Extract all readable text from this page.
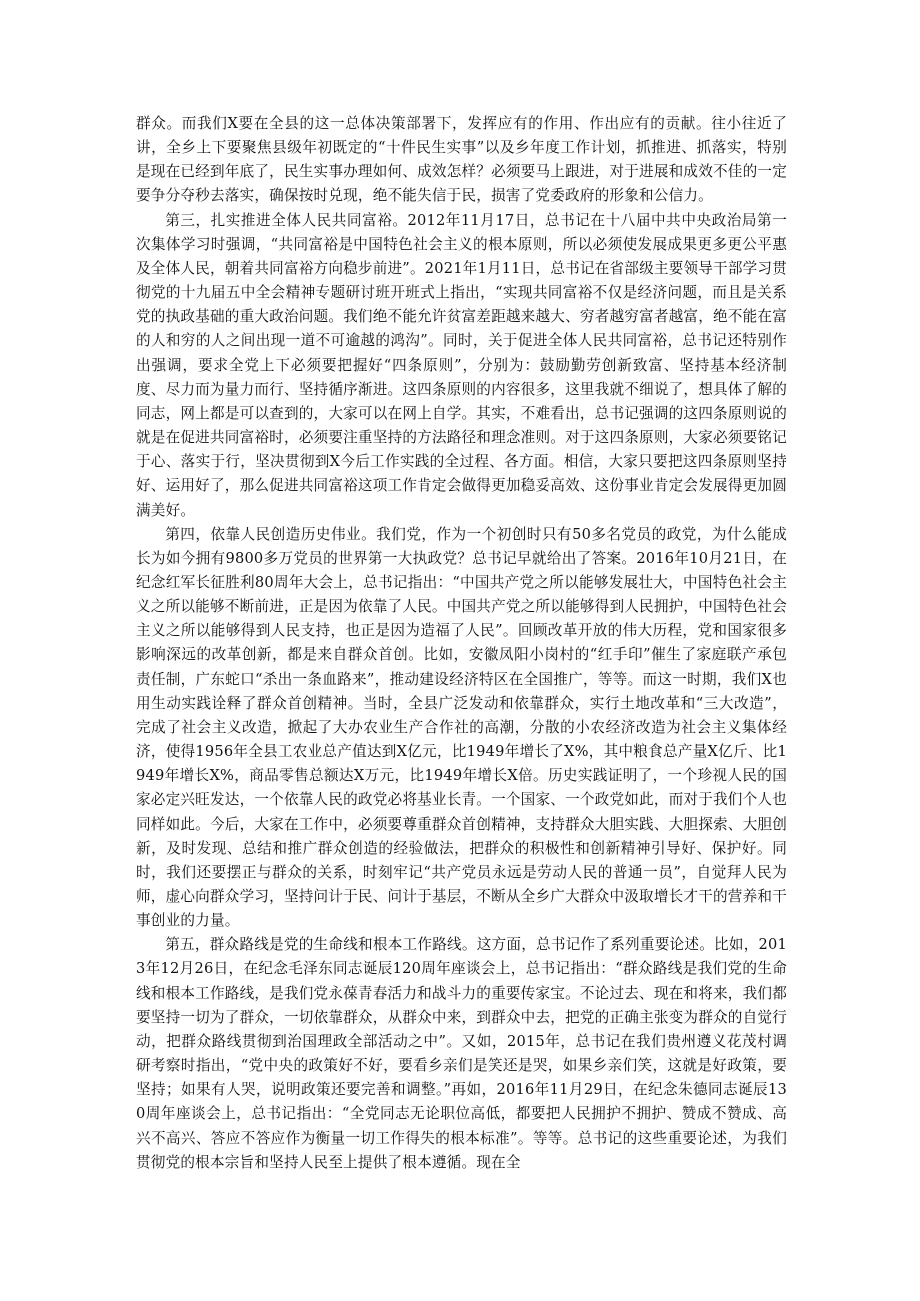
群众。而我们X要在全县的这一总体决策部署下，发挥应有的作用、作出应有的贡献。往小往近了讲，全乡上下要聚焦县级年初既定的“十件民生实事”以及乡年度工作计划，抓推进、抓落实，特别是现在已经到年底了，民生实事办理如何、成效怎样？必须要马上跟进，对于进展和成效不佳的一定要争分夺秒去落实，确保按时兑现，绝不能失信于民，损害了党委政府的形象和公信力。

第三，扎实推进全体人民共同富裕。2012年11月17日，总书记在十八届中共中央政治局第一次集体学习时强调，“共同富裕是中国特色社会主义的根本原则，所以必须使发展成果更多更公平惠及全体人民，朝着共同富裕方向稳步前进”。2021年1月11日，总书记在省部级主要领导干部学习贯彻党的十九届五中全会精神专题研讨班开班式上指出，“实现共同富裕不仅是经济问题，而且是关系党的执政基础的重大政治问题。我们绝不能允许贫富差距越来越大、穷者越穷富者越富，绝不能在富的人和穷的人之间出现一道不可逾越的鸿沟”。同时，关于促进全体人民共同富裕，总书记还特别作出强调，要求全党上下必须要把握好“四条原则”，分别为：鼓励勤劳创新致富、坚持基本经济制度、尽力而为量力而行、坚持循序渐进。这四条原则的内容很多，这里我就不细说了，想具体了解的同志，网上都是可以查到的，大家可以在网上自学。其实，不难看出，总书记强调的这四条原则说的就是在促进共同富裕时，必须要注重坚持的方法路径和理念准则。对于这四条原则，大家必须要铭记于心、落实于行，坚决贯彻到X今后工作实践的全过程、各方面。相信，大家只要把这四条原则坚持好、运用好了，那么促进共同富裕这项工作肯定会做得更加稳妥高效、这份事业肯定会发展得更加圆满美好。

第四，依靠人民创造历史伟业。我们党，作为一个初创时只有50多名党员的政党，为什么能成长为如今拥有9800多万党员的世界第一大执政党？总书记早就给出了答案。2016年10月21日，在纪念红军长征胜利80周年大会上，总书记指出：“中国共产党之所以能够发展壮大，中国特色社会主义之所以能够不断前进，正是因为依靠了人民。中国共产党之所以能够得到人民拥护，中国特色社会主义之所以能够得到人民支持，也正是因为造福了人民”。回顾改革开放的伟大历程，党和国家很多影响深远的改革创新，都是来自群众首创。比如，安徽凤阳小岗村的“红手印”催生了家庭联产承包责任制，广东蛇口“杀出一条血路来”，推动建设经济特区在全国推广，等等。而这一时期，我们X也用生动实践诠释了群众首创精神。当时，全县广泛发动和依靠群众，实行土地改革和“三大改造”，完成了社会主义改造，掀起了大办农业生产合作社的高潮，分散的小农经济改造为社会主义集体经济，使得1956年全县工农业总产值达到X亿元，比1949年增长了X%，其中粮食总产量X亿斤、比1949年增长X%，商品零售总额达X万元，比1949年增长X倍。历史实践证明了，一个珍视人民的国家必定兴旺发达，一个依靠人民的政党必将基业长青。一个国家、一个政党如此，而对于我们个人也同样如此。今后，大家在工作中，必须要尊重群众首创精神，支持群众大胆实践、大胆探索、大胆创新，及时发现、总结和推广群众创造的经验做法，把群众的积极性和创新精神引导好、保护好。同时，我们还要摆正与群众的关系，时刻牢记“共产党员永远是劳动人民的普通一员”，自觉拜人民为师，虚心向群众学习，坚持问计于民、问计于基层，不断从全乡广大群众中汲取增长才干的营养和干事创业的力量。

第五，群众路线是党的生命线和根本工作路线。这方面，总书记作了系列重要论述。比如，2013年12月26日，在纪念毛泽东同志诞辰120周年座谈会上，总书记指出：“群众路线是我们党的生命线和根本工作路线，是我们党永葆青春活力和战斗力的重要传家宝。不论过去、现在和将来，我们都要坚持一切为了群众，一切依靠群众，从群众中来，到群众中去，把党的正确主张变为群众的自觉行动，把群众路线贯彻到治国理政全部活动之中”。又如，2015年，总书记在我们贵州遵义花茂村调研考察时指出，“党中央的政策好不好，要看乡亲们是笑还是哭，如果乡亲们笑，这就是好政策，要坚持；如果有人哭，说明政策还要完善和调整。”再如，2016年11月29日，在纪念朱德同志诞辰130周年座谈会上，总书记指出：“全党同志无论职位高低，都要把人民拥护不拥护、赞成不赞成、高兴不高兴、答应不答应作为衡量一切工作得失的根本标准”。等等。总书记的这些重要论述，为我们贯彻党的根本宗旨和坚持人民至上提供了根本遵循。现在全
